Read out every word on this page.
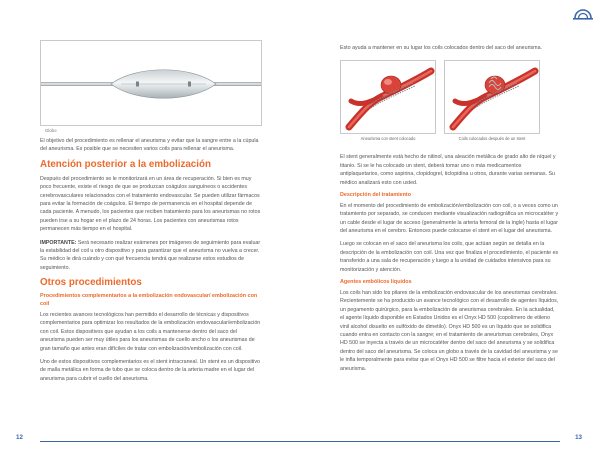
Globo

El objetivo del procedimiento es rellenar el aneurisma y evitar que la sangre entre a la cúpula del aneurisma. Es posible que se necesiten varios coils para rellenar el aneurisma.

Atención posterior a la embolización

Después del procedimiento se le monitorizará en un área de recuperación. Si bien es muy poco frecuente, existe el riesgo de que se produzcan coágulos sanguíneos o accidentes cerebrovasculares relacionados con el tratamiento endovascular. Se pueden utilizar fármacos para evitar la formación de coágulos. El tiempo de permanencia en el hospital depende de cada paciente. A menudo, los pacientes que reciben tratamiento para los aneurismas no rotos pueden irse a su hogar en el plazo de 24 horas. Los pacientes con aneurismas rotos permanecen más tiempo en el hospital.

IMPORTANTE: Será necesario realizar exámenes por imágenes de seguimiento para evaluar la estabilidad del coil u otro dispositivo y para garantizar que el aneurisma no vuelva a crecer. Su médico le dirá cuándo y con qué frecuencia tendrá que realizarse estos estudios de seguimiento.

Otros procedimientos
Procedimientos complementarios a la embolización endovascular/ embolización con coil

Los recientes avances tecnológicos han permitido el desarrollo de técnicas y dispositivos complementarios para optimizar los resultados de la embolización endovascular/embolización con coil. Estos dispositivos que ayudan a los coils a mantenerse dentro del saco del aneurisma pueden ser muy útiles para los aneurismas de cuello ancho o los aneurismas de gran tamaño que antes eran difíciles de tratar con embolización/embolización con coil.

Uno de estos dispositivos complementarios es el stent intracraneal. Un stent es un dispositivo de malla metálica en forma de tubo que se coloca dentro de la arteria madre en el lugar del aneurisma para cubrir el cuello del aneurisma.

Esto ayuda a mantener en su lugar los coils colocados dentro del saco del aneurisma.

Aneurisma con stent colocado	Coils colocados después de un stent

El stent generalmente está hecho de nitinol, una aleación metálica de grado alto de níquel y titanio. Si se le ha colocado un stent, deberá tomar uno o más medicamentos antiplaquetarios, como aspirina, clopidogrel, ticlopidina u otros, durante varias semanas. Su médico analizará esto con usted.

Descripción del tratamiento

En el momento del procedimiento de embolización/embolización con coil, o a veces como un tratamiento por separado, se conducen mediante visualización radiográfica un microcatéter y un cable desde el lugar de acceso (generalmente la arteria femoral de la ingle) hasta el lugar del aneurisma en el cerebro. Entonces puede colocarse el stent en el lugar del aneurisma.

Luego se colocan en el saco del aneurisma los coils, que actúan según se detalla en la descripción de la embolización con coil. Una vez que finaliza el procedimiento, el paciente es transferido a una sala de recuperación y luego a la unidad de cuidados intensivos para su monitorización y atención.

Agentes embólicos líquidos

Los coils han sido los pilares de la embolización endovascular de los aneurismas cerebrales. Recientemente se ha producido un avance tecnológico con el desarrollo de agentes líquidos, un pegamento quirúrgico, para la embolización de aneurismas cerebrales. En la actualidad, el agente líquido disponible en Estados Unidos es el Onyx HD 500 (copolímero de etileno vinil alcohol disuelto en sulfóxido de dimetilo). Onyx HD 500 es un líquido que se solidifica cuando entra en contacto con la sangre; en el tratamiento de aneurismas cerebrales, Onyx HD 500 se inyecta a través de un microcatéter dentro del saco del aneurisma y se solidifica dentro del saco del aneurisma. Se coloca un globo a través de la cavidad del aneurisma y se le infla temporalmente para evitar que el Onyx HD 500 se filtre hacia el exterior del saco del aneurisma.

12	13
